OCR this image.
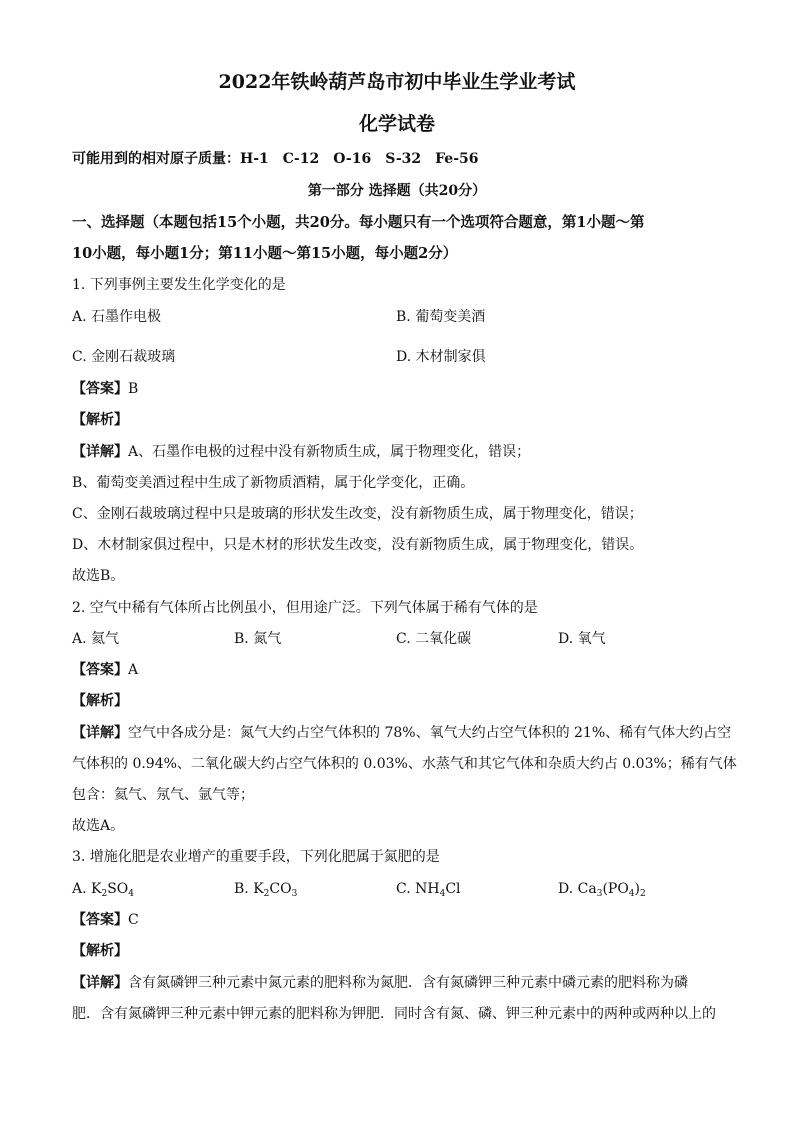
2022年铁岭葫芦岛市初中毕业生学业考试
化学试卷
可能用到的相对原子质量：H-1　C-12　O-16　S-32　Fe-56
第一部分 选择题（共20分）
一、选择题（本题包括15个小题，共20分。每小题只有一个选项符合题意，第1小题～第
10小题，每小题1分；第11小题～第15小题，每小题2分）
1. 下列事例主要发生化学变化的是
A. 石墨作电极	B. 葡萄变美酒
C. 金刚石裁玻璃	D. 木材制家俱
【答案】B
【解析】
【详解】A、石墨作电极的过程中没有新物质生成，属于物理变化，错误；
B、葡萄变美酒过程中生成了新物质酒精，属于化学变化，正确。
C、金刚石裁玻璃过程中只是玻璃的形状发生改变，没有新物质生成，属于物理变化，错误；
D、木材制家俱过程中，只是木材的形状发生改变，没有新物质生成，属于物理变化，错误。
故选B。
2. 空气中稀有气体所占比例虽小，但用途广泛。下列气体属于稀有气体的是
A. 氦气	B. 氮气	C. 二氧化碳	D. 氧气
【答案】A
【解析】
【详解】空气中各成分是：氮气大约占空气体积的 78%、氧气大约占空气体积的 21%、稀有气体大约占空
气体积的 0.94%、二氧化碳大约占空气体积的 0.03%、水蒸气和其它气体和杂质大约占 0.03%；稀有气体
包含：氦气、氖气、氩气等；
故选A。
3. 增施化肥是农业增产的重要手段，下列化肥属于氮肥的是
A. $K_2SO_4$	B. $K_2CO_3$	C. $NH_4Cl$	D. $Ca_3(PO_4)_2$
【答案】C
【解析】
【详解】含有氮磷钾三种元素中氮元素的肥料称为氮肥．含有氮磷钾三种元素中磷元素的肥料称为磷
肥．含有氮磷钾三种元素中钾元素的肥料称为钾肥．同时含有氮、磷、钾三种元素中的两种或两种以上的
